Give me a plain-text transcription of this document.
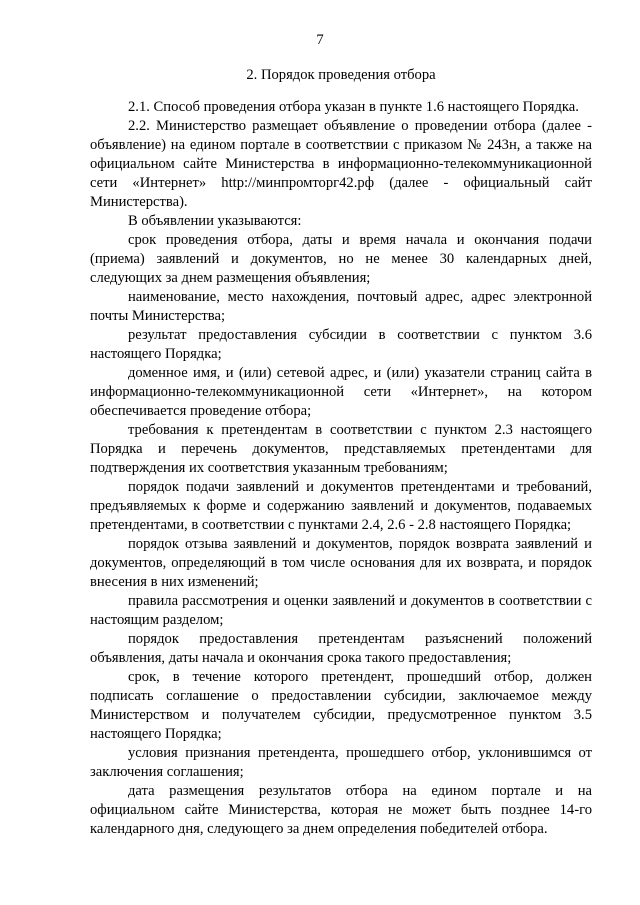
7
2. Порядок проведения отбора

2.1. Способ проведения отбора указан в пункте 1.6 настоящего Порядка.

2.2. Министерство размещает объявление о проведении отбора (далее - объявление) на едином портале в соответствии с приказом № 243н, а также на официальном сайте Министерства в информационно-телекоммуникационной сети «Интернет» http://минпромторг42.рф (далее - официальный сайт Министерства).

В объявлении указываются:

срок проведения отбора, даты и время начала и окончания подачи (приема) заявлений и документов, но не менее 30 календарных дней, следующих за днем размещения объявления;

наименование, место нахождения, почтовый адрес, адрес электронной почты Министерства;

результат предоставления субсидии в соответствии с пунктом 3.6 настоящего Порядка;

доменное имя, и (или) сетевой адрес, и (или) указатели страниц сайта в информационно-телекоммуникационной сети «Интернет», на котором обеспечивается проведение отбора;

требования к претендентам в соответствии с пунктом 2.3 настоящего Порядка и перечень документов, представляемых претендентами для подтверждения их соответствия указанным требованиям;

порядок подачи заявлений и документов претендентами и требований, предъявляемых к форме и содержанию заявлений и документов, подаваемых претендентами, в соответствии с пунктами 2.4, 2.6 - 2.8 настоящего Порядка;

порядок отзыва заявлений и документов, порядок возврата заявлений и документов, определяющий в том числе основания для их возврата, и порядок внесения в них изменений;

правила рассмотрения и оценки заявлений и документов в соответствии с настоящим разделом;

порядок предоставления претендентам разъяснений положений объявления, даты начала и окончания срока такого предоставления;

срок, в течение которого претендент, прошедший отбор, должен подписать соглашение о предоставлении субсидии, заключаемое между Министерством и получателем субсидии, предусмотренное пунктом 3.5 настоящего Порядка;

условия признания претендента, прошедшего отбор, уклонившимся от заключения соглашения;

дата размещения результатов отбора на едином портале и на официальном сайте Министерства, которая не может быть позднее 14-го календарного дня, следующего за днем определения победителей отбора.
